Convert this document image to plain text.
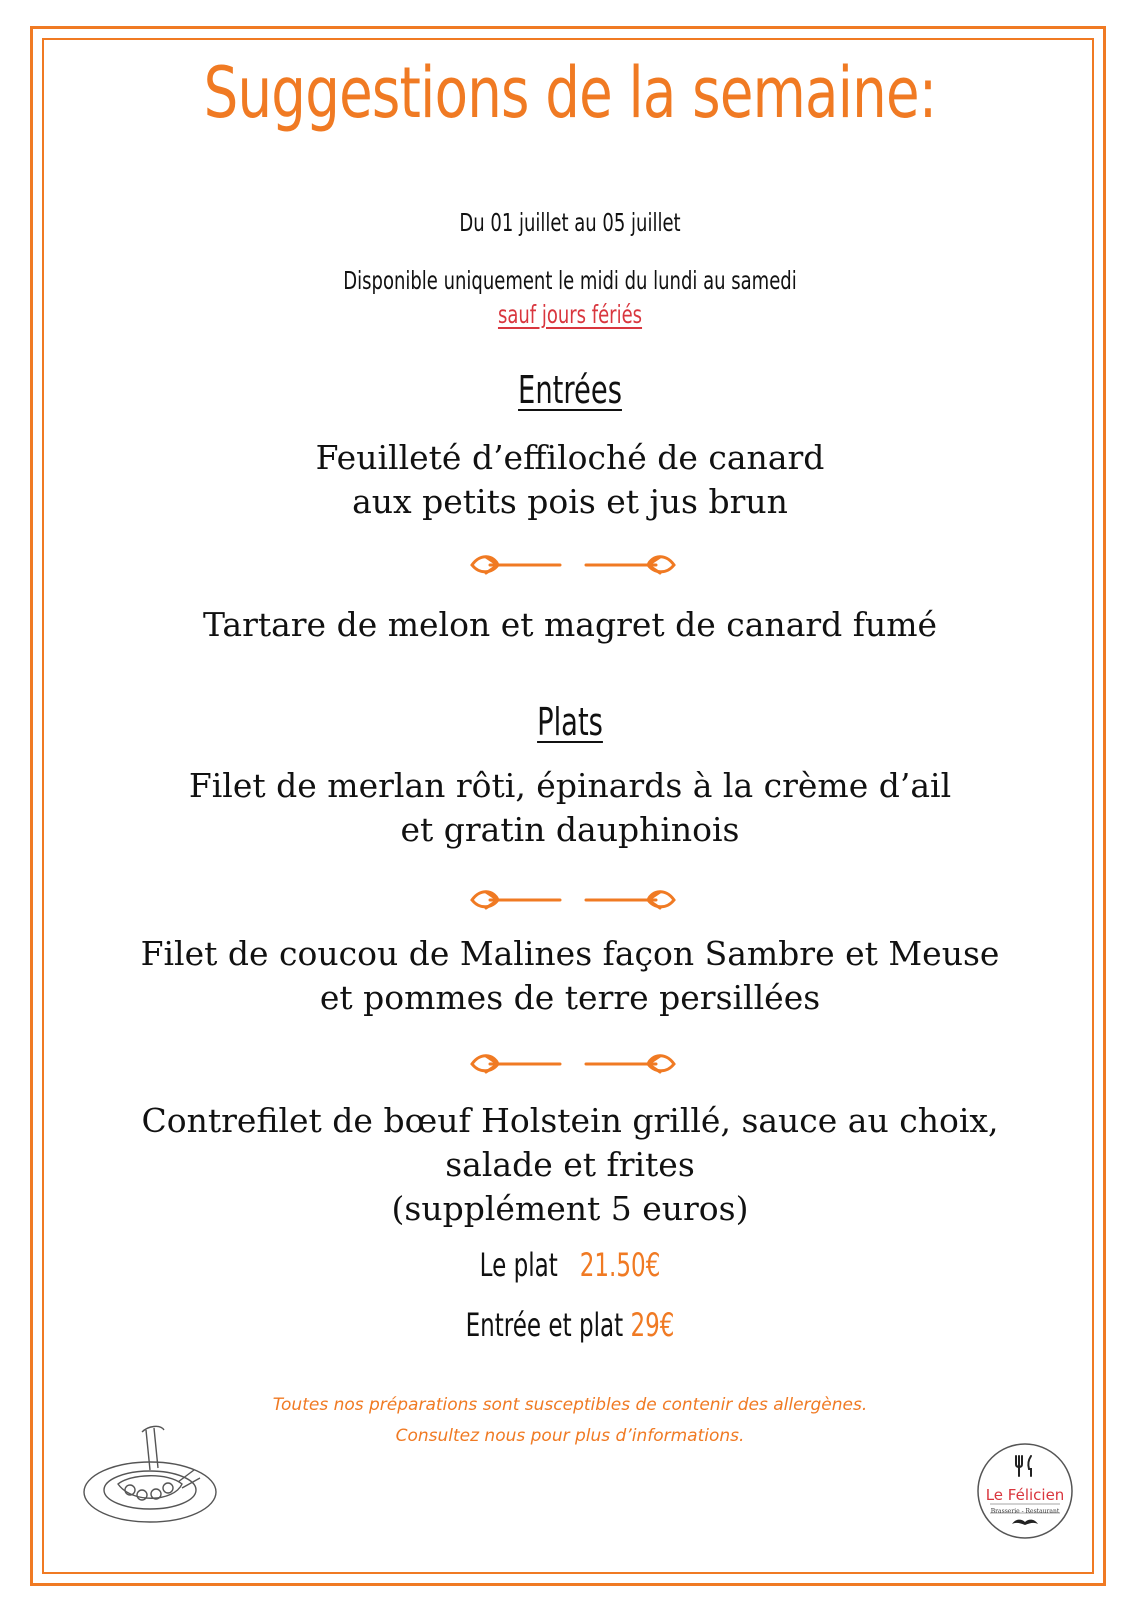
Suggestions de la semaine:
Du 01 juillet au 05 juillet
Disponible uniquement le midi du lundi au samedi
sauf jours fériés
Entrées
Feuilleté d’effiloché de canard
aux petits pois et jus brun
Tartare de melon et magret de canard fumé
Plats
Filet de merlan rôti, épinards à la crème d’ail
et gratin dauphinois
Filet de coucou de Malines façon Sambre et Meuse
et pommes de terre persillées
Contrefilet de bœuf Holstein grillé, sauce au choix,
salade et frites
(supplément 5 euros)
Le plat 21.50€
Entrée et plat 29€
Toutes nos préparations sont susceptibles de contenir des allergènes.
Consultez nous pour plus d’informations.
Le Félicien
Brasserie - Restaurant
